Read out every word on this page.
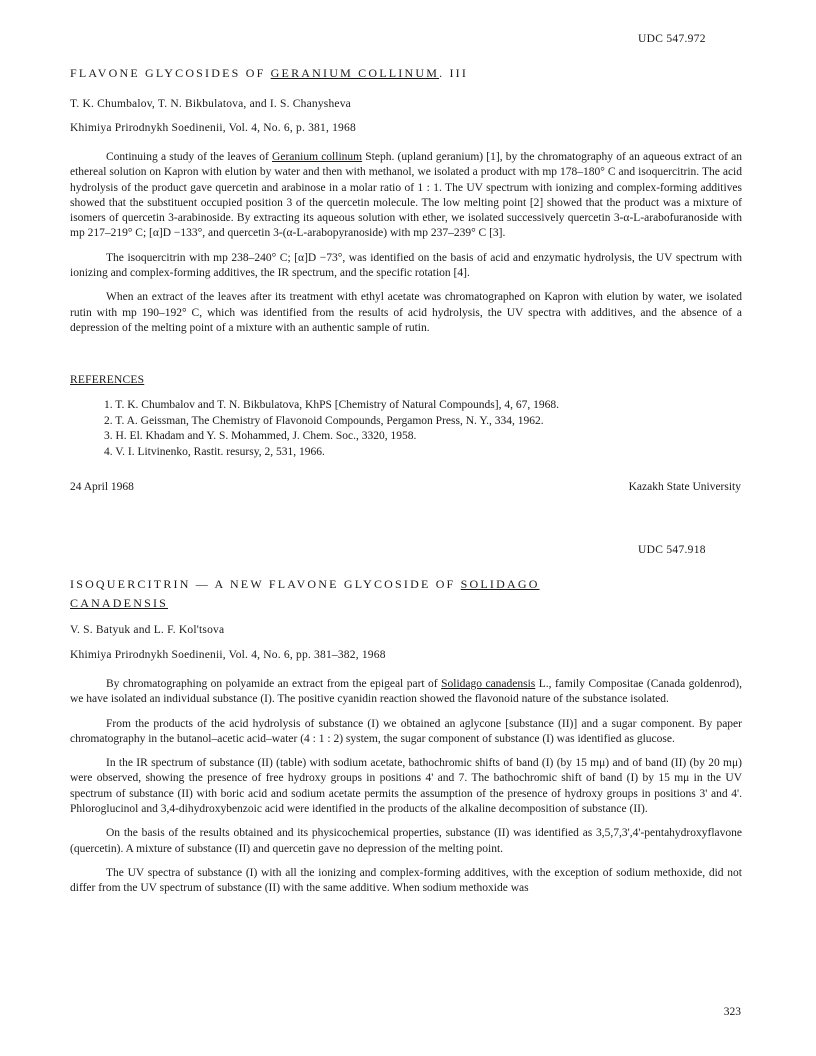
UDC 547.972
FLAVONE GLYCOSIDES OF GERANIUM COLLINUM. III
T. K. Chumbalov, T. N. Bikbulatova, and I. S. Chanysheva
Khimiya Prirodnykh Soedinenii, Vol. 4, No. 6, p. 381, 1968

Continuing a study of the leaves of Geranium collinum Steph. (upland geranium) [1], by the chromatography of an aqueous extract of an ethereal solution on Kapron with elution by water and then with methanol, we isolated a product with mp 178–180° C and isoquercitrin. The acid hydrolysis of the product gave quercetin and arabinose in a molar ratio of 1 : 1. The UV spectrum with ionizing and complex-forming additives showed that the substituent occupied position 3 of the quercetin molecule. The low melting point [2] showed that the product was a mixture of isomers of quercetin 3-arabinoside. By extracting its aqueous solution with ether, we isolated successively quercetin 3-α-L-arabofuranoside with mp 217–219° C; [α]D −133°, and quercetin 3-(α-L-arabopyranoside) with mp 237–239° C [3].

The isoquercitrin with mp 238–240° C; [α]D −73°, was identified on the basis of acid and enzymatic hydrolysis, the UV spectrum with ionizing and complex-forming additives, the IR spectrum, and the specific rotation [4].

When an extract of the leaves after its treatment with ethyl acetate was chromatographed on Kapron with elution by water, we isolated rutin with mp 190–192° C, which was identified from the results of acid hydrolysis, the UV spectra with additives, and the absence of a depression of the melting point of a mixture with an authentic sample of rutin.

REFERENCES
1. T. K. Chumbalov and T. N. Bikbulatova, KhPS [Chemistry of Natural Compounds], 4, 67, 1968.
2. T. A. Geissman, The Chemistry of Flavonoid Compounds, Pergamon Press, N. Y., 334, 1962.
3. H. El. Khadam and Y. S. Mohammed, J. Chem. Soc., 3320, 1958.
4. V. I. Litvinenko, Rastit. resursy, 2, 531, 1966.
24 April 1968	Kazakh State University
UDC 547.918
ISOQUERCITRIN — A NEW FLAVONE GLYCOSIDE OF SOLIDAGO
CANADENSIS
V. S. Batyuk and L. F. Kol'tsova
Khimiya Prirodnykh Soedinenii, Vol. 4, No. 6, pp. 381–382, 1968

By chromatographing on polyamide an extract from the epigeal part of Solidago canadensis L., family Compositae (Canada goldenrod), we have isolated an individual substance (I). The positive cyanidin reaction showed the flavonoid nature of the substance isolated.

From the products of the acid hydrolysis of substance (I) we obtained an aglycone [substance (II)] and a sugar component. By paper chromatography in the butanol–acetic acid–water (4 : 1 : 2) system, the sugar component of substance (I) was identified as glucose.

In the IR spectrum of substance (II) (table) with sodium acetate, bathochromic shifts of band (I) (by 15 mμ) and of band (II) (by 20 mμ) were observed, showing the presence of free hydroxy groups in positions 4' and 7. The bathochromic shift of band (I) by 15 mμ in the UV spectrum of substance (II) with boric acid and sodium acetate permits the assumption of the presence of hydroxy groups in positions 3' and 4'. Phloroglucinol and 3,4-dihydroxybenzoic acid were identified in the products of the alkaline decomposition of substance (II).

On the basis of the results obtained and its physicochemical properties, substance (II) was identified as 3,5,7,3',4'-pentahydroxyflavone (quercetin). A mixture of substance (II) and quercetin gave no depression of the melting point.

The UV spectra of substance (I) with all the ionizing and complex-forming additives, with the exception of sodium methoxide, did not differ from the UV spectrum of substance (II) with the same additive. When sodium methoxide was

323
